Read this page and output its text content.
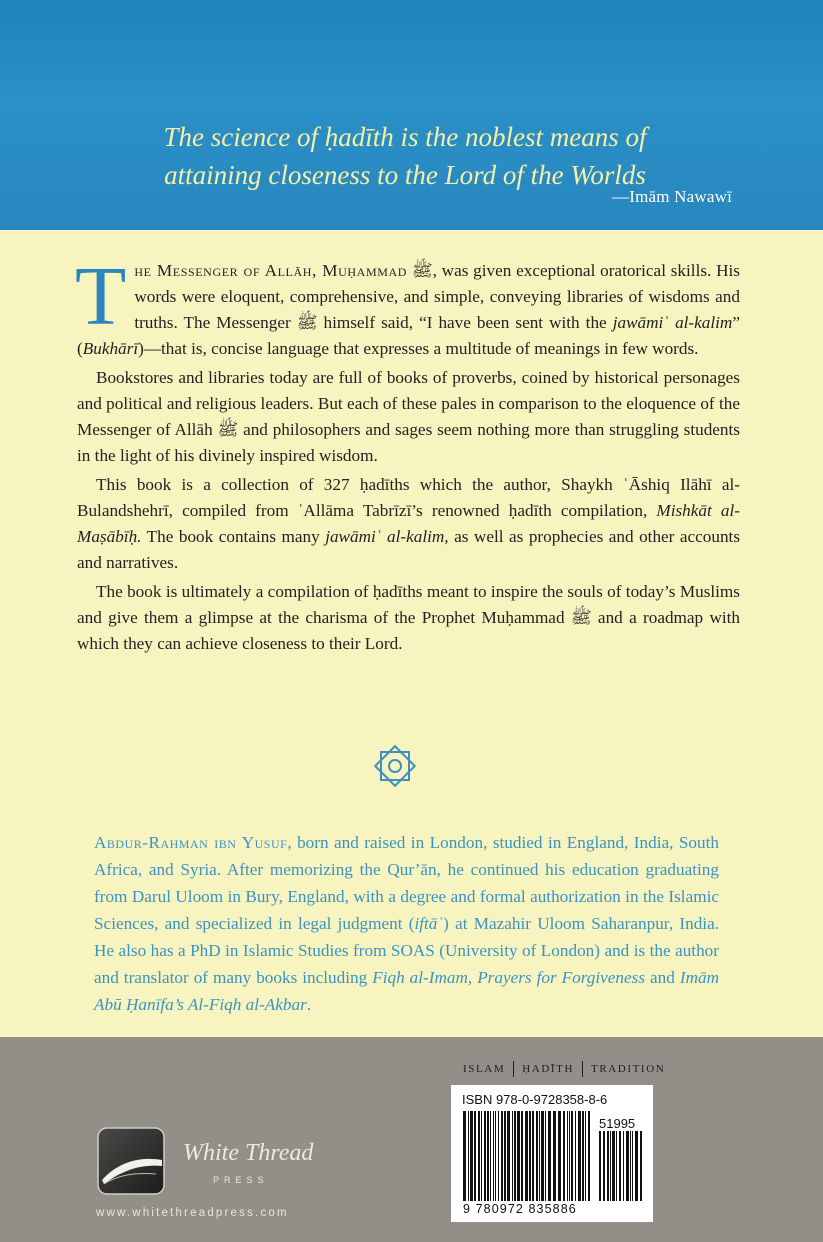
The science of ḥadīth is the noblest means of
attaining closeness to the Lord of the Worlds
—Imām Nawawī

The Messenger of Allāh, Muḥammad ﷺ, was given exceptional oratorical skills. His words were eloquent, comprehensive, and simple, conveying libraries of wisdoms and truths. The Messenger ﷺ himself said, “I have been sent with the jawāmiʿ al-kalim” (Bukhārī)—that is, concise language that expresses a multitude of meanings in few words.

Bookstores and libraries today are full of books of proverbs, coined by historical personages and political and religious leaders. But each of these pales in comparison to the eloquence of the Messenger of Allāh ﷺ and philosophers and sages seem nothing more than struggling students in the light of his divinely inspired wisdom.

This book is a collection of 327 ḥadīths which the author, Shaykh ʿĀshiq Ilāhī al-Bulandshehrī, compiled from ʿAllāma Tabrīzī’s renowned ḥadīth compilation, Mishkāt al-Maṣābīḥ. The book contains many jawāmiʿ al-kalim, as well as prophecies and other accounts and narratives.

The book is ultimately a compilation of ḥadīths meant to inspire the souls of today’s Muslims and give them a glimpse at the charisma of the Prophet Muḥammad ﷺ and a roadmap with which they can achieve closeness to their Lord.

Abdur-Rahman ibn Yusuf, born and raised in London, studied in England, India, South Africa, and Syria. After memorizing the Qur’ān, he continued his education graduating from Darul Uloom in Bury, England, with a degree and formal authorization in the Islamic Sciences, and specialized in legal judgment (iftāʾ) at Mazahir Uloom Saharanpur, India. He also has a PhD in Islamic Studies from SOAS (University of London) and is the author and translator of many books including Fiqh al-Imam, Prayers for Forgiveness and Imām Abū Ḥanīfa’s Al-Fiqh al-Akbar.
ISLAM	ḤADĪTH	TRADITION
ISBN 978-0-9728358-8-6
51995
9 780972 835886
White Thread
PRESS
www.whitethreadpress.com
